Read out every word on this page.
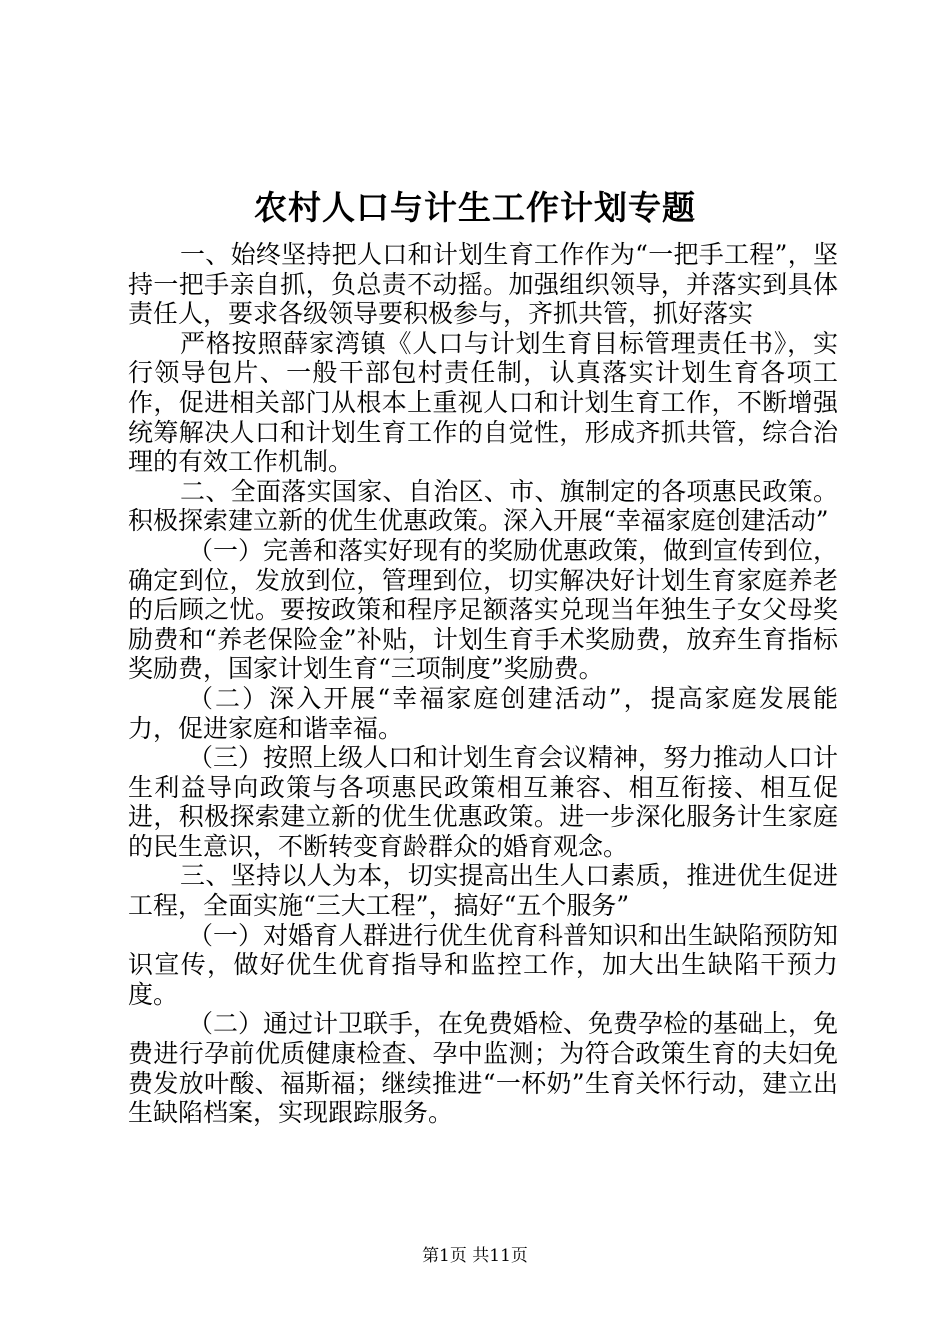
农村人口与计生工作计划专题

一、始终坚持把人口和计划生育工作作为“一把手工程”，坚持一把手亲自抓，负总责不动摇。加强组织领导，并落实到具体责任人，要求各级领导要积极参与，齐抓共管，抓好落实

严格按照薛家湾镇《人口与计划生育目标管理责任书》，实行领导包片、一般干部包村责任制，认真落实计划生育各项工作，促进相关部门从根本上重视人口和计划生育工作，不断增强统筹解决人口和计划生育工作的自觉性，形成齐抓共管，综合治理的有效工作机制。

二、全面落实国家、自治区、市、旗制定的各项惠民政策。积极探索建立新的优生优惠政策。深入开展“幸福家庭创建活动”

（一）完善和落实好现有的奖励优惠政策，做到宣传到位，确定到位，发放到位，管理到位，切实解决好计划生育家庭养老的后顾之忧。要按政策和程序足额落实兑现当年独生子女父母奖励费和“养老保险金”补贴，计划生育手术奖励费，放弃生育指标奖励费，国家计划生育“三项制度”奖励费。

（二）深入开展“幸福家庭创建活动”，提高家庭发展能力，促进家庭和谐幸福。

（三）按照上级人口和计划生育会议精神，努力推动人口计生利益导向政策与各项惠民政策相互兼容、相互衔接、相互促进，积极探索建立新的优生优惠政策。进一步深化服务计生家庭的民生意识，不断转变育龄群众的婚育观念。

三、坚持以人为本，切实提高出生人口素质，推进优生促进工程，全面实施“三大工程”，搞好“五个服务”

（一）对婚育人群进行优生优育科普知识和出生缺陷预防知识宣传，做好优生优育指导和监控工作，加大出生缺陷干预力度。

（二）通过计卫联手，在免费婚检、免费孕检的基础上，免费进行孕前优质健康检查、孕中监测；为符合政策生育的夫妇免费发放叶酸、福斯福；继续推进“一杯奶”生育关怀行动，建立出生缺陷档案，实现跟踪服务。

第1页 共11页
